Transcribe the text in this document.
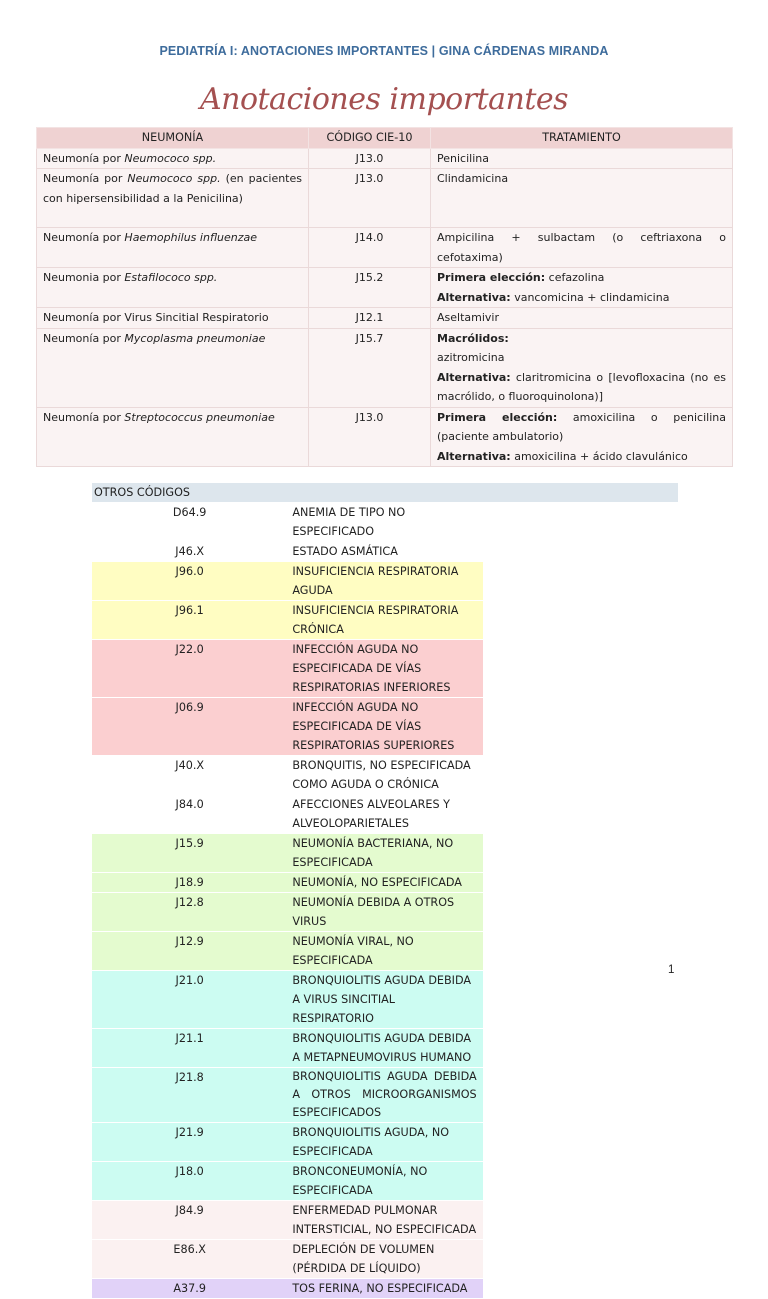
PEDIATRÍA I: ANOTACIONES IMPORTANTES | GINA CÁRDENAS MIRANDA
Anotaciones importantes
NEUMONÍA	CÓDIGO CIE-10	TRATAMIENTO
Neumonía por Neumococo spp.	J13.0	Penicilina

Neumonía por Neumococo spp. (en pacientes con hipersensibilidad a la Penicilina)	J13.0	Clindamicina

Neumonía por Haemophilus influenzae	J14.0	Ampicilina + sulbactam (o ceftriaxona o cefotaxima)

Neumonia por Estafilococo spp.	J15.2	Primera elección: cefazolina
Alternativa: vancomicina + clindamicina

Neumonía por Virus Sincitial Respiratorio	J12.1	Aseltamivir

Neumonía por Mycoplasma pneumoniae	J15.7	Macrólidos:
azitromicina
Alternativa: claritromicina o [levofloxacina (no es macrólido, o fluoroquinolona)]

Neumonía por Streptococcus pneumoniae	J13.0	Primera elección: amoxicilina o penicilina (paciente ambulatorio)
Alternativa: amoxicilina + ácido clavulánico
OTROS CÓDIGOS		
D64.9	ANEMIA DE TIPO NO ESPECIFICADO	
J46.X	ESTADO ASMÁTICA	
J96.0	INSUFICIENCIA RESPIRATORIA AGUDA	
J96.1	INSUFICIENCIA RESPIRATORIA CRÓNICA	
J22.0	INFECCIÓN AGUDA NO ESPECIFICADA DE VÍAS RESPIRATORIAS INFERIORES	
J06.9	INFECCIÓN AGUDA NO ESPECIFICADA DE VÍAS RESPIRATORIAS SUPERIORES	
J40.X	BRONQUITIS, NO ESPECIFICADA COMO AGUDA O CRÓNICA	
J84.0	AFECCIONES ALVEOLARES Y ALVEOLOPARIETALES	
J15.9	NEUMONÍA BACTERIANA, NO ESPECIFICADA	
J18.9	NEUMONÍA, NO ESPECIFICADA	
J12.8	NEUMONÍA DEBIDA A OTROS VIRUS	
J12.9	NEUMONÍA VIRAL, NO ESPECIFICADA	
J21.0	BRONQUIOLITIS AGUDA DEBIDA A VIRUS SINCITIAL RESPIRATORIO	
J21.1	BRONQUIOLITIS AGUDA DEBIDA A METAPNEUMOVIRUS HUMANO	
J21.8	BRONQUIOLITIS AGUDA DEBIDA A OTROS MICROORGANISMOS ESPECIFICADOS	
J21.9	BRONQUIOLITIS AGUDA, NO ESPECIFICADA	
J18.0	BRONCONEUMONÍA, NO ESPECIFICADA	
J84.9	ENFERMEDAD PULMONAR INTERSTICIAL, NO ESPECIFICADA	
E86.X	DEPLECIÓN DE VOLUMEN (PÉRDIDA DE LÍQUIDO)	
A37.9	TOS FERINA, NO ESPECIFICADA	
1
